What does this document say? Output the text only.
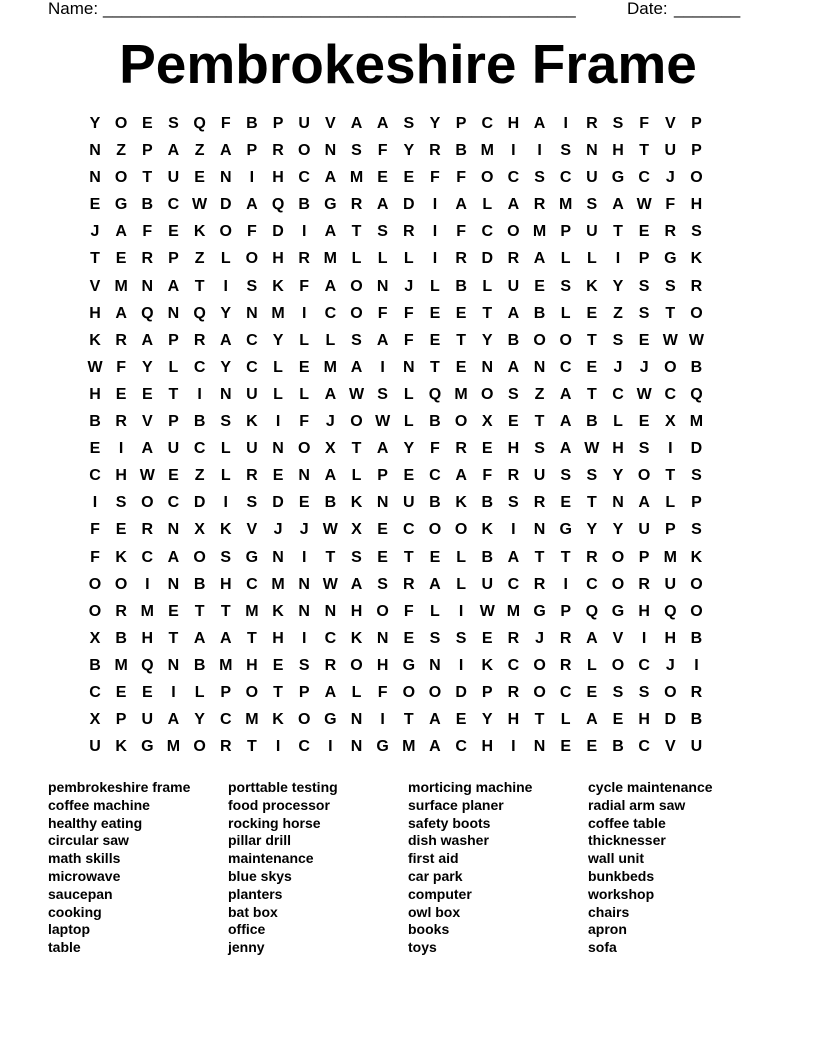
Name: __________________________________________________	Date: _______
Pembrokeshire Frame
Y O E S Q F B P U V A A S Y P C H A	I	R S F V P
N Z P A Z A P R O N S F Y R B M	I	I	S N H T U P
N O T U E N	I	H C A M E E F	F O C S C U G C J O
E G B C W D A Q B G R A D	I	A L A R M S A W F H
J A F E K O F D	I	A T S R	I	F C O M P U T E R S
T E R P Z	L O H R M L	L	L	I	R D R A L	L	I	P G K
V M N A T	I	S K F A O N J	L B L U E S K Y S S R
H A Q N Q Y N M	I	C O F	F E E T A B L E Z S T O
K R A P R A C Y L	L S A F E T Y B O O T S E W W
W F Y L C Y C L E M A	I	N T E N A N C E	J	J O B
H E E T	I	N U L	L A W S L Q M O S Z A T C W C Q
B R V P B S K	I	F	J O W L B O X E T A B L E X M
E	I	A U C L U N O X T A Y F R E H S A W H S	I	D
C H W E Z	L R E N A L P E C A F R U S S Y O T S
I	S O C D	I	S D E B K N U B K B S R E T N A L P
F E R N X K V	J	J W X E C O O K	I	N G Y Y U P S
F K C A O S G N	I	T S E T E L B A T	T R O P M K
O O	I	N B H C M N W A S R A L U C R	I	C O R U O
O R M E T	T M K N N H O F	L	I	W M G P Q G H Q O
X B H T A A T H	I	C K N E S S E R J R A V	I	H B
B M Q N B M H E S R O H G N	I	K C O R L O C J	I
C E E	I	L P O T P A L	F O O D P R O C E S S O R
X P U A Y C M K O G N	I	T A E Y H T	L A E H D B
U K G M O R T	I	C	I	N G M A C H	I	N E E B C V U
pembrokeshire frame
coffee machine
healthy eating
circular saw
math skills
microwave
saucepan
cooking
laptop
table
porttable testing
food processor
rocking horse
pillar drill
maintenance
blue skys
planters
bat box
office
jenny
morticing machine
surface planer
safety boots
dish washer
first aid
car park
computer
owl box
books
toys
cycle maintenance
radial arm saw
coffee table
thicknesser
wall unit
bunkbeds
workshop
chairs
apron
sofa
